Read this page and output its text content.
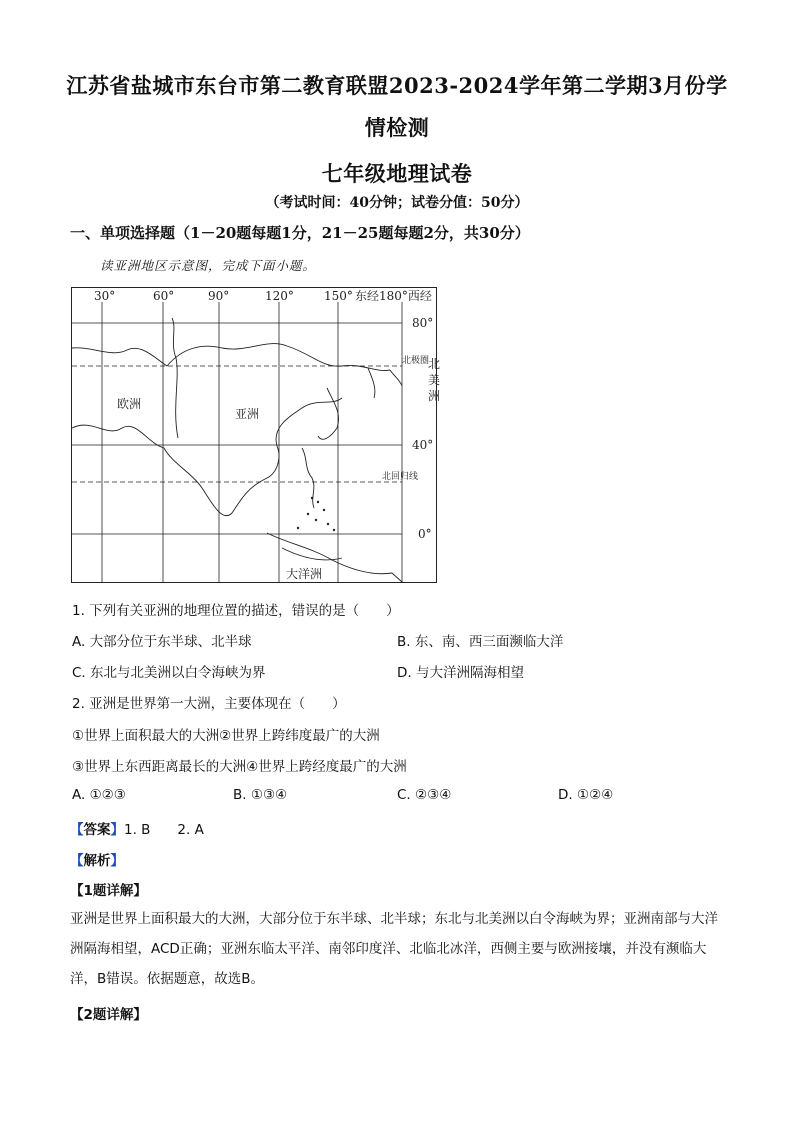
江苏省盐城市东台市第二教育联盟2023-2024学年第二学期3月份学
情检测
七年级地理试卷
（考试时间：40分钟；试卷分值：50分）
一、单项选择题（1－20题每题1分，21－25题每题2分，共30分）
读亚洲地区示意图，完成下面小题。
30°	60°	90°	120°	150° 东经180°西经
80°
40°
0°
北极圈
北回归线
欧洲
亚洲
北
美
洲
大洋洲
1. 下列有关亚洲的地理位置的描述，错误的是（　　）
A. 大部分位于东半球、北半球	B. 东、南、西三面濒临大洋
C. 东北与北美洲以白令海峡为界	D. 与大洋洲隔海相望
2. 亚洲是世界第一大洲，主要体现在（　　）
①世界上面积最大的大洲②世界上跨纬度最广的大洲
③世界上东西距离最长的大洲④世界上跨经度最广的大洲
A. ①②③	B. ①③④	C. ②③④	D. ①②④
【答案】1. B　　2. A
【解析】
【1题详解】
亚洲是世界上面积最大的大洲，大部分位于东半球、北半球；东北与北美洲以白令海峡为界；亚洲南部与大洋洲隔海相望，ACD正确；亚洲东临太平洋、南邻印度洋、北临北冰洋，西侧主要与欧洲接壤，并没有濒临大洋，B错误。依据题意，故选B。
【2题详解】
